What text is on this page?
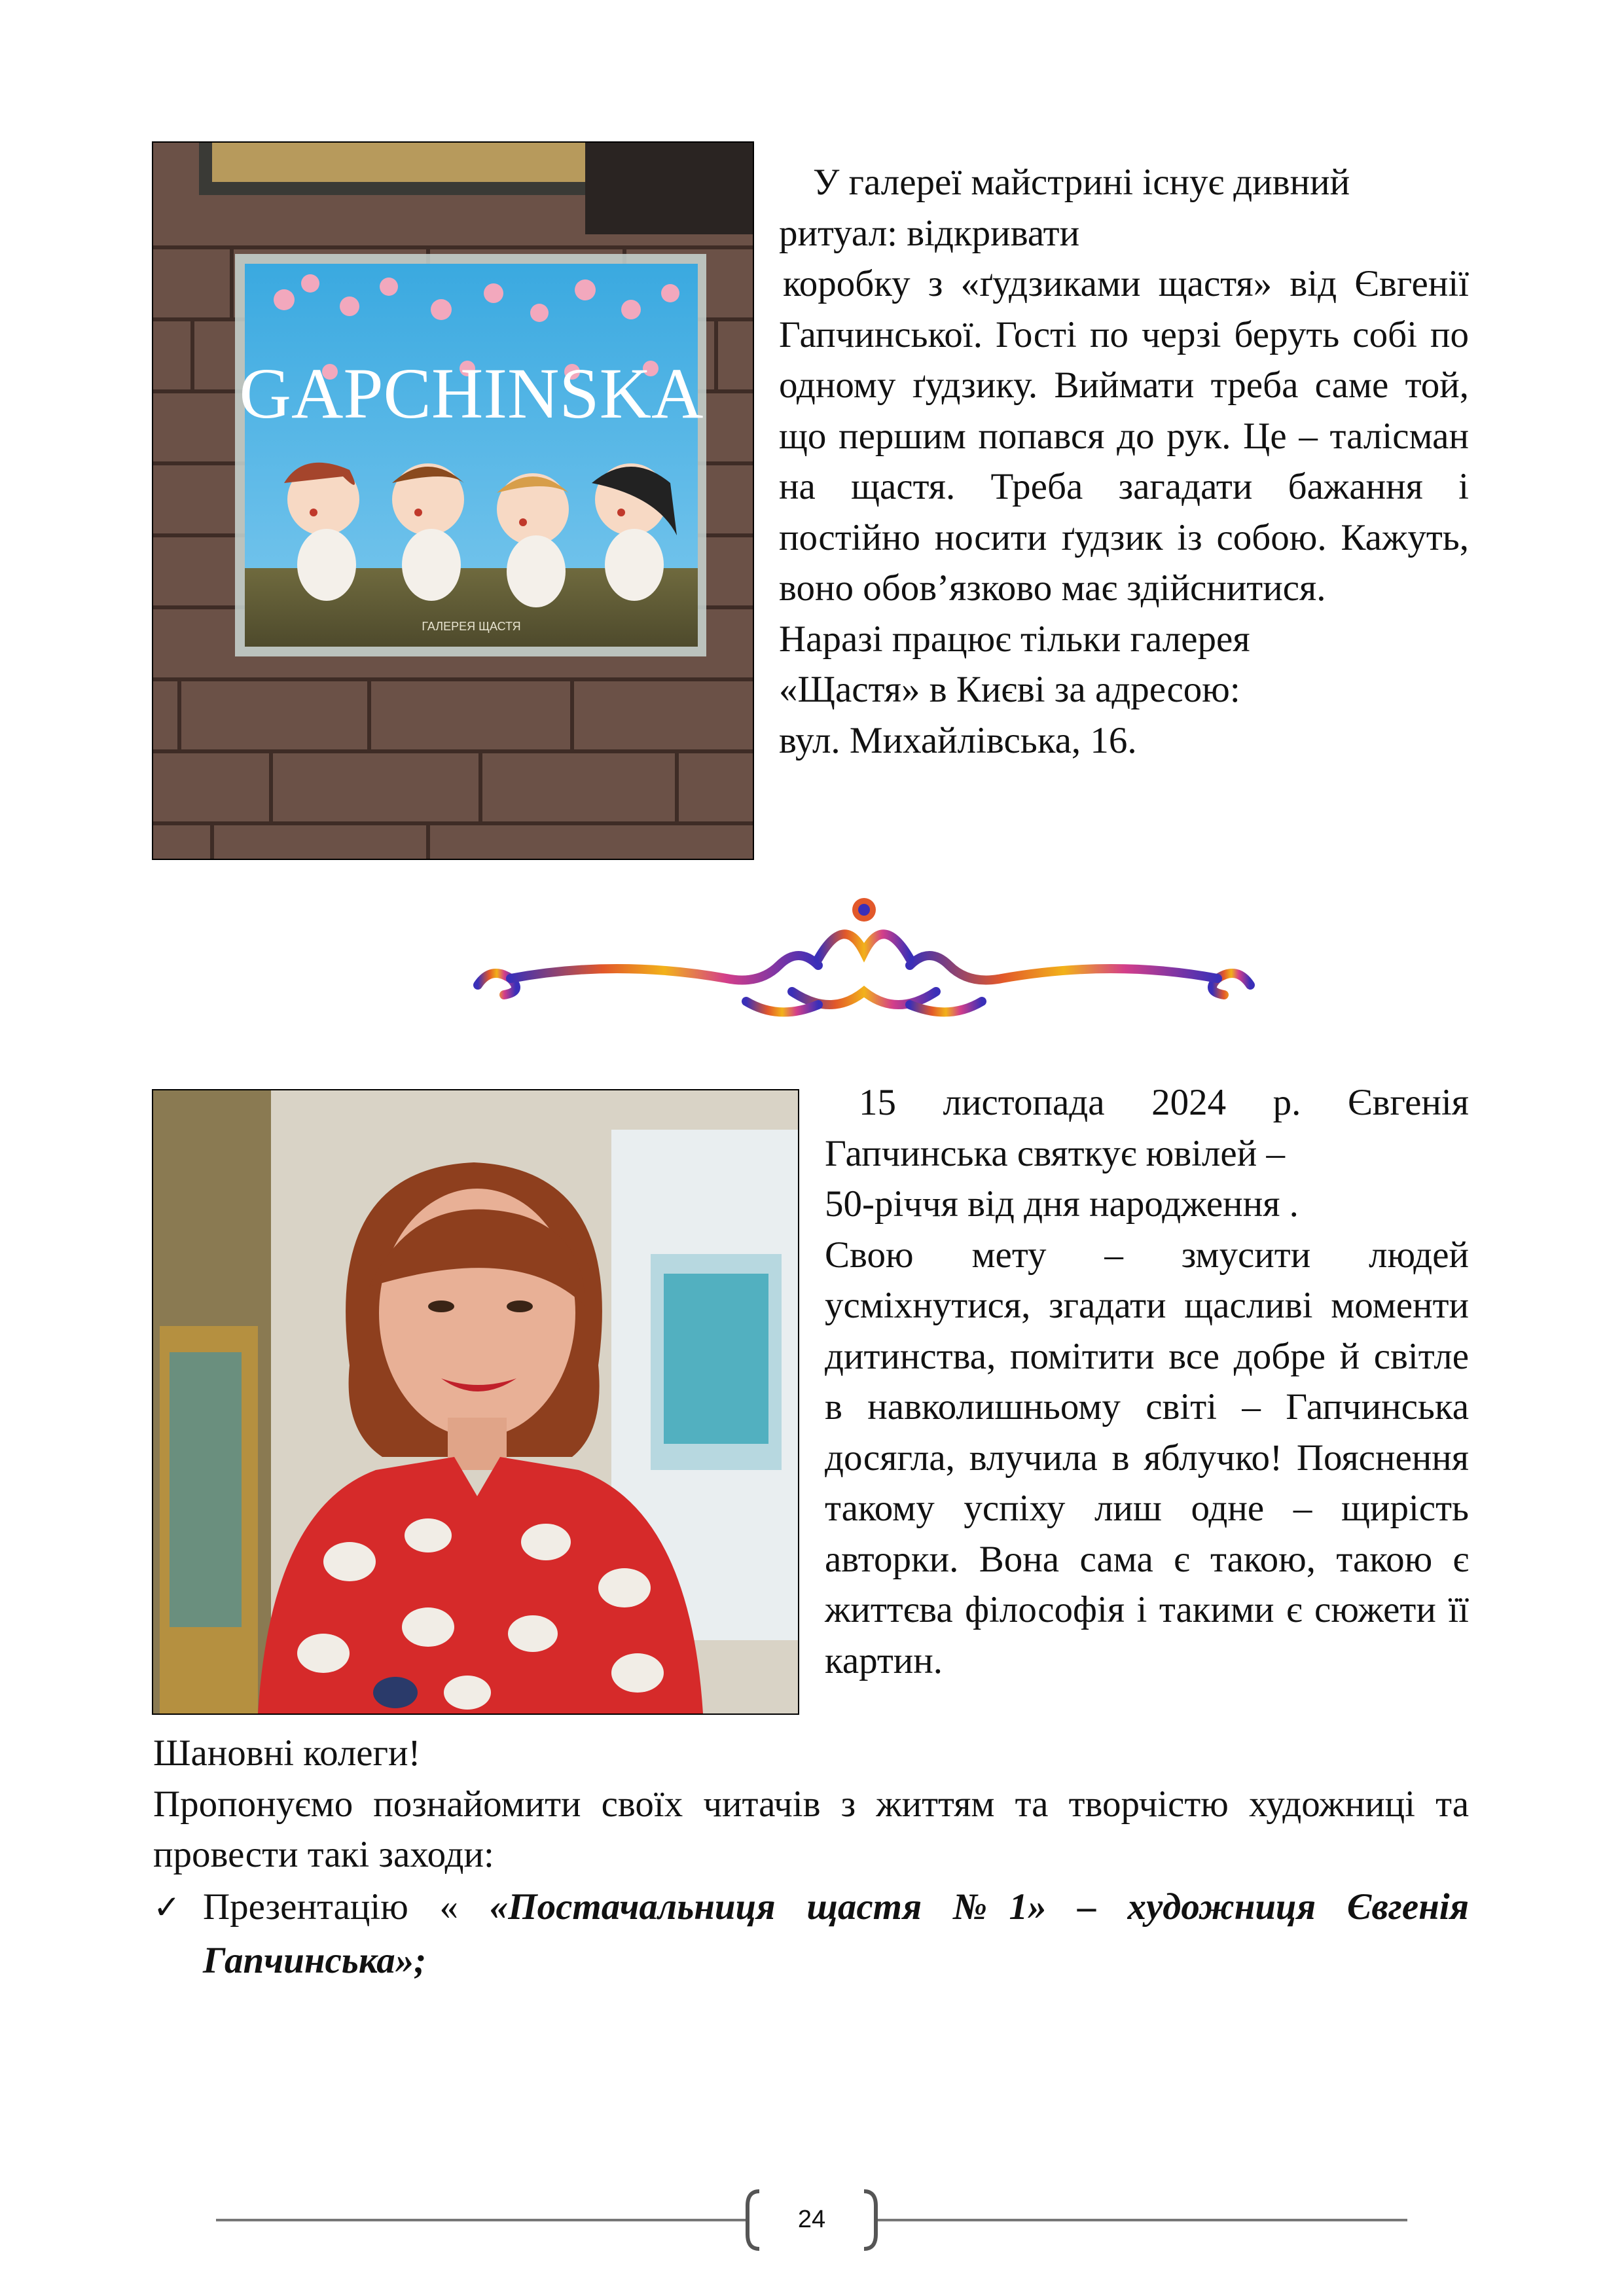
GAPCHINSKA
ГАЛЕРЕЯ ЩАСТЯ

У галереї майстрині існує дивний ритуал: відкривати

коробку з «ґудзиками щастя» від Євгенії Гапчинської. Гості по черзі беруть собі по одному ґудзику. Виймати треба саме той, що першим попався до рук. Це – талісман на щастя. Треба загадати бажання і постійно носити ґудзик із собою. Кажуть, воно обов’язково має здійснитися.

Наразі працює тільки галерея

«Щастя» в Києві за адресою:

вул. Михайлівська, 16.

15 листопада 2024 р. Євгенія Гапчинська святкує ювілей –

50-річчя від дня народження .

Свою мету – змусити людей усміхнутися, згадати щасливі моменти дитинства, помітити все добре й світле в навколишньому світі – Гапчинська досягла, влучила в яблучко! Пояснення такому успіху лиш одне – щирість авторки. Вона сама є такою, такою є життєва філософія і такими є сюжети її картин.

Шановні колеги!

Пропонуємо познайомити своїх читачів з життям та творчістю художниці та провести такі заходи:

✓ Презентацію « «Постачальниця щастя №1» – художниця Євгенія Гапчинська»;
24
